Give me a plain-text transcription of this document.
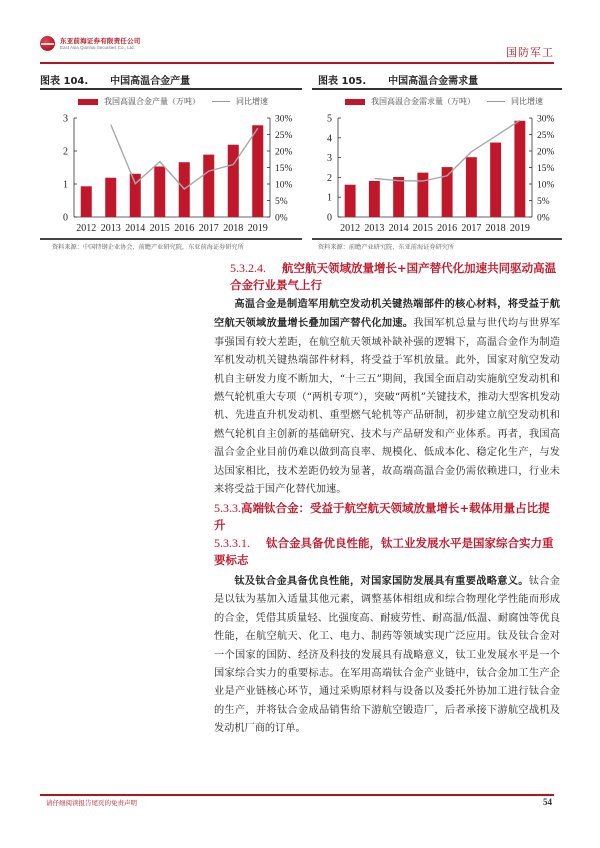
东亚前海证券有限责任公司
East Asia Qianhai Securities Co., Ltd.	国防军工
图表 104. 中国高温合金产量
我国高温合金产量（万吨）	同比增速
0
1
2
3
0%
5%
10%
15%
20%
25%
30%
2012 2013 2014 2015 2016 2017 2018 2019
资料来源：中国特钢企业协会，前瞻产业研究院，东亚前海证券研究所
图表 105. 中国高温合金需求量
我国高温合金需求量（万吨）	同比增速
0
1
2
3
4
5
0%
5%
10%
15%
20%
25%
30%
2012 2013 2014 2015 2016 2017 2018 2019
资料来源：前瞻产业研究院，东亚前海证券研究所
5.3.2.4. 航空航天领域放量增长+国产替代化加速共同驱动高温合金行业景气上行
高温合金是制造军用航空发动机关键热端部件的核心材料，将受益于航空航天领域放量增长叠加国产替代化加速。我国军机总量与世代均与世界军事强国有较大差距，在航空航天领域补缺补强的逻辑下，高温合金作为制造军机发动机关键热端部件材料，将受益于军机放量。此外，国家对航空发动机自主研发力度不断加大，“十三五”期间，我国全面启动实施航空发动机和燃气轮机重大专项（“两机专项”），突破“两机”关键技术，推动大型客机发动机、先进直升机发动机、重型燃气轮机等产品研制，初步建立航空发动机和燃气轮机自主创新的基础研究、技术与产品研发和产业体系。再者，我国高温合金企业目前仍难以做到高良率、规模化、低成本化、稳定化生产，与发达国家相比，技术差距仍较为显著，故高端高温合金仍需依赖进口，行业未来将受益于国产化替代加速。
5.3.3.高端钛合金：受益于航空航天领域放量增长+载体用量占比提升
5.3.3.1. 钛合金具备优良性能，钛工业发展水平是国家综合实力重要标志
钛及钛合金具备优良性能，对国家国防发展具有重要战略意义。钛合金是以钛为基加入适量其他元素，调整基体相组成和综合物理化学性能而形成的合金，凭借其质量轻、比强度高、耐疲劳性、耐高温/低温、耐腐蚀等优良性能，在航空航天、化工、电力、制药等领域实现广泛应用。钛及钛合金对一个国家的国防、经济及科技的发展具有战略意义，钛工业发展水平是一个国家综合实力的重要标志。在军用高端钛合金产业链中，钛合金加工生产企业是产业链核心环节，通过采购原材料与设备以及委托外协加工进行钛合金的生产，并将钛合金成品销售给下游航空锻造厂，后者承接下游航空战机及发动机厂商的订单。
请仔细阅读报告尾页的免责声明	54
